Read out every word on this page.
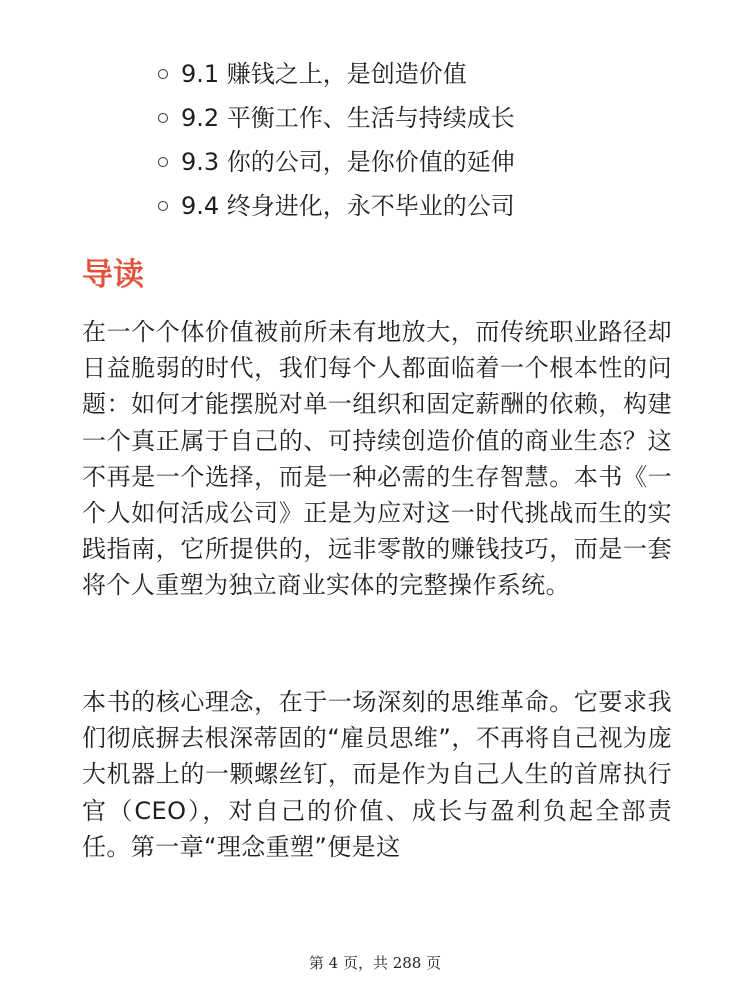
9.1 赚钱之上，是创造价值
9.2 平衡工作、生活与持续成长
9.3 你的公司，是你价值的延伸
9.4 终身进化，永不毕业的公司
导读

在一个个体价值被前所未有地放大，而传统职业路径却日益脆弱的时代，我们每个人都面临着一个根本性的问题：如何才能摆脱对单一组织和固定薪酬的依赖，构建一个真正属于自己的、可持续创造价值的商业生态？这不再是一个选择，而是一种必需的生存智慧。本书《一个人如何活成公司》正是为应对这一时代挑战而生的实践指南，它所提供的，远非零散的赚钱技巧，而是一套将个人重塑为独立商业实体的完整操作系统。

本书的核心理念，在于一场深刻的思维革命。它要求我们彻底摒去根深蒂固的“雇员思维”，不再将自己视为庞大机器上的一颗螺丝钉，而是作为自己人生的首席执行官（CEO），对自己的价值、成长与盈利负起全部责任。第一章“理念重塑”便是这

第 4 页，共 288 页
